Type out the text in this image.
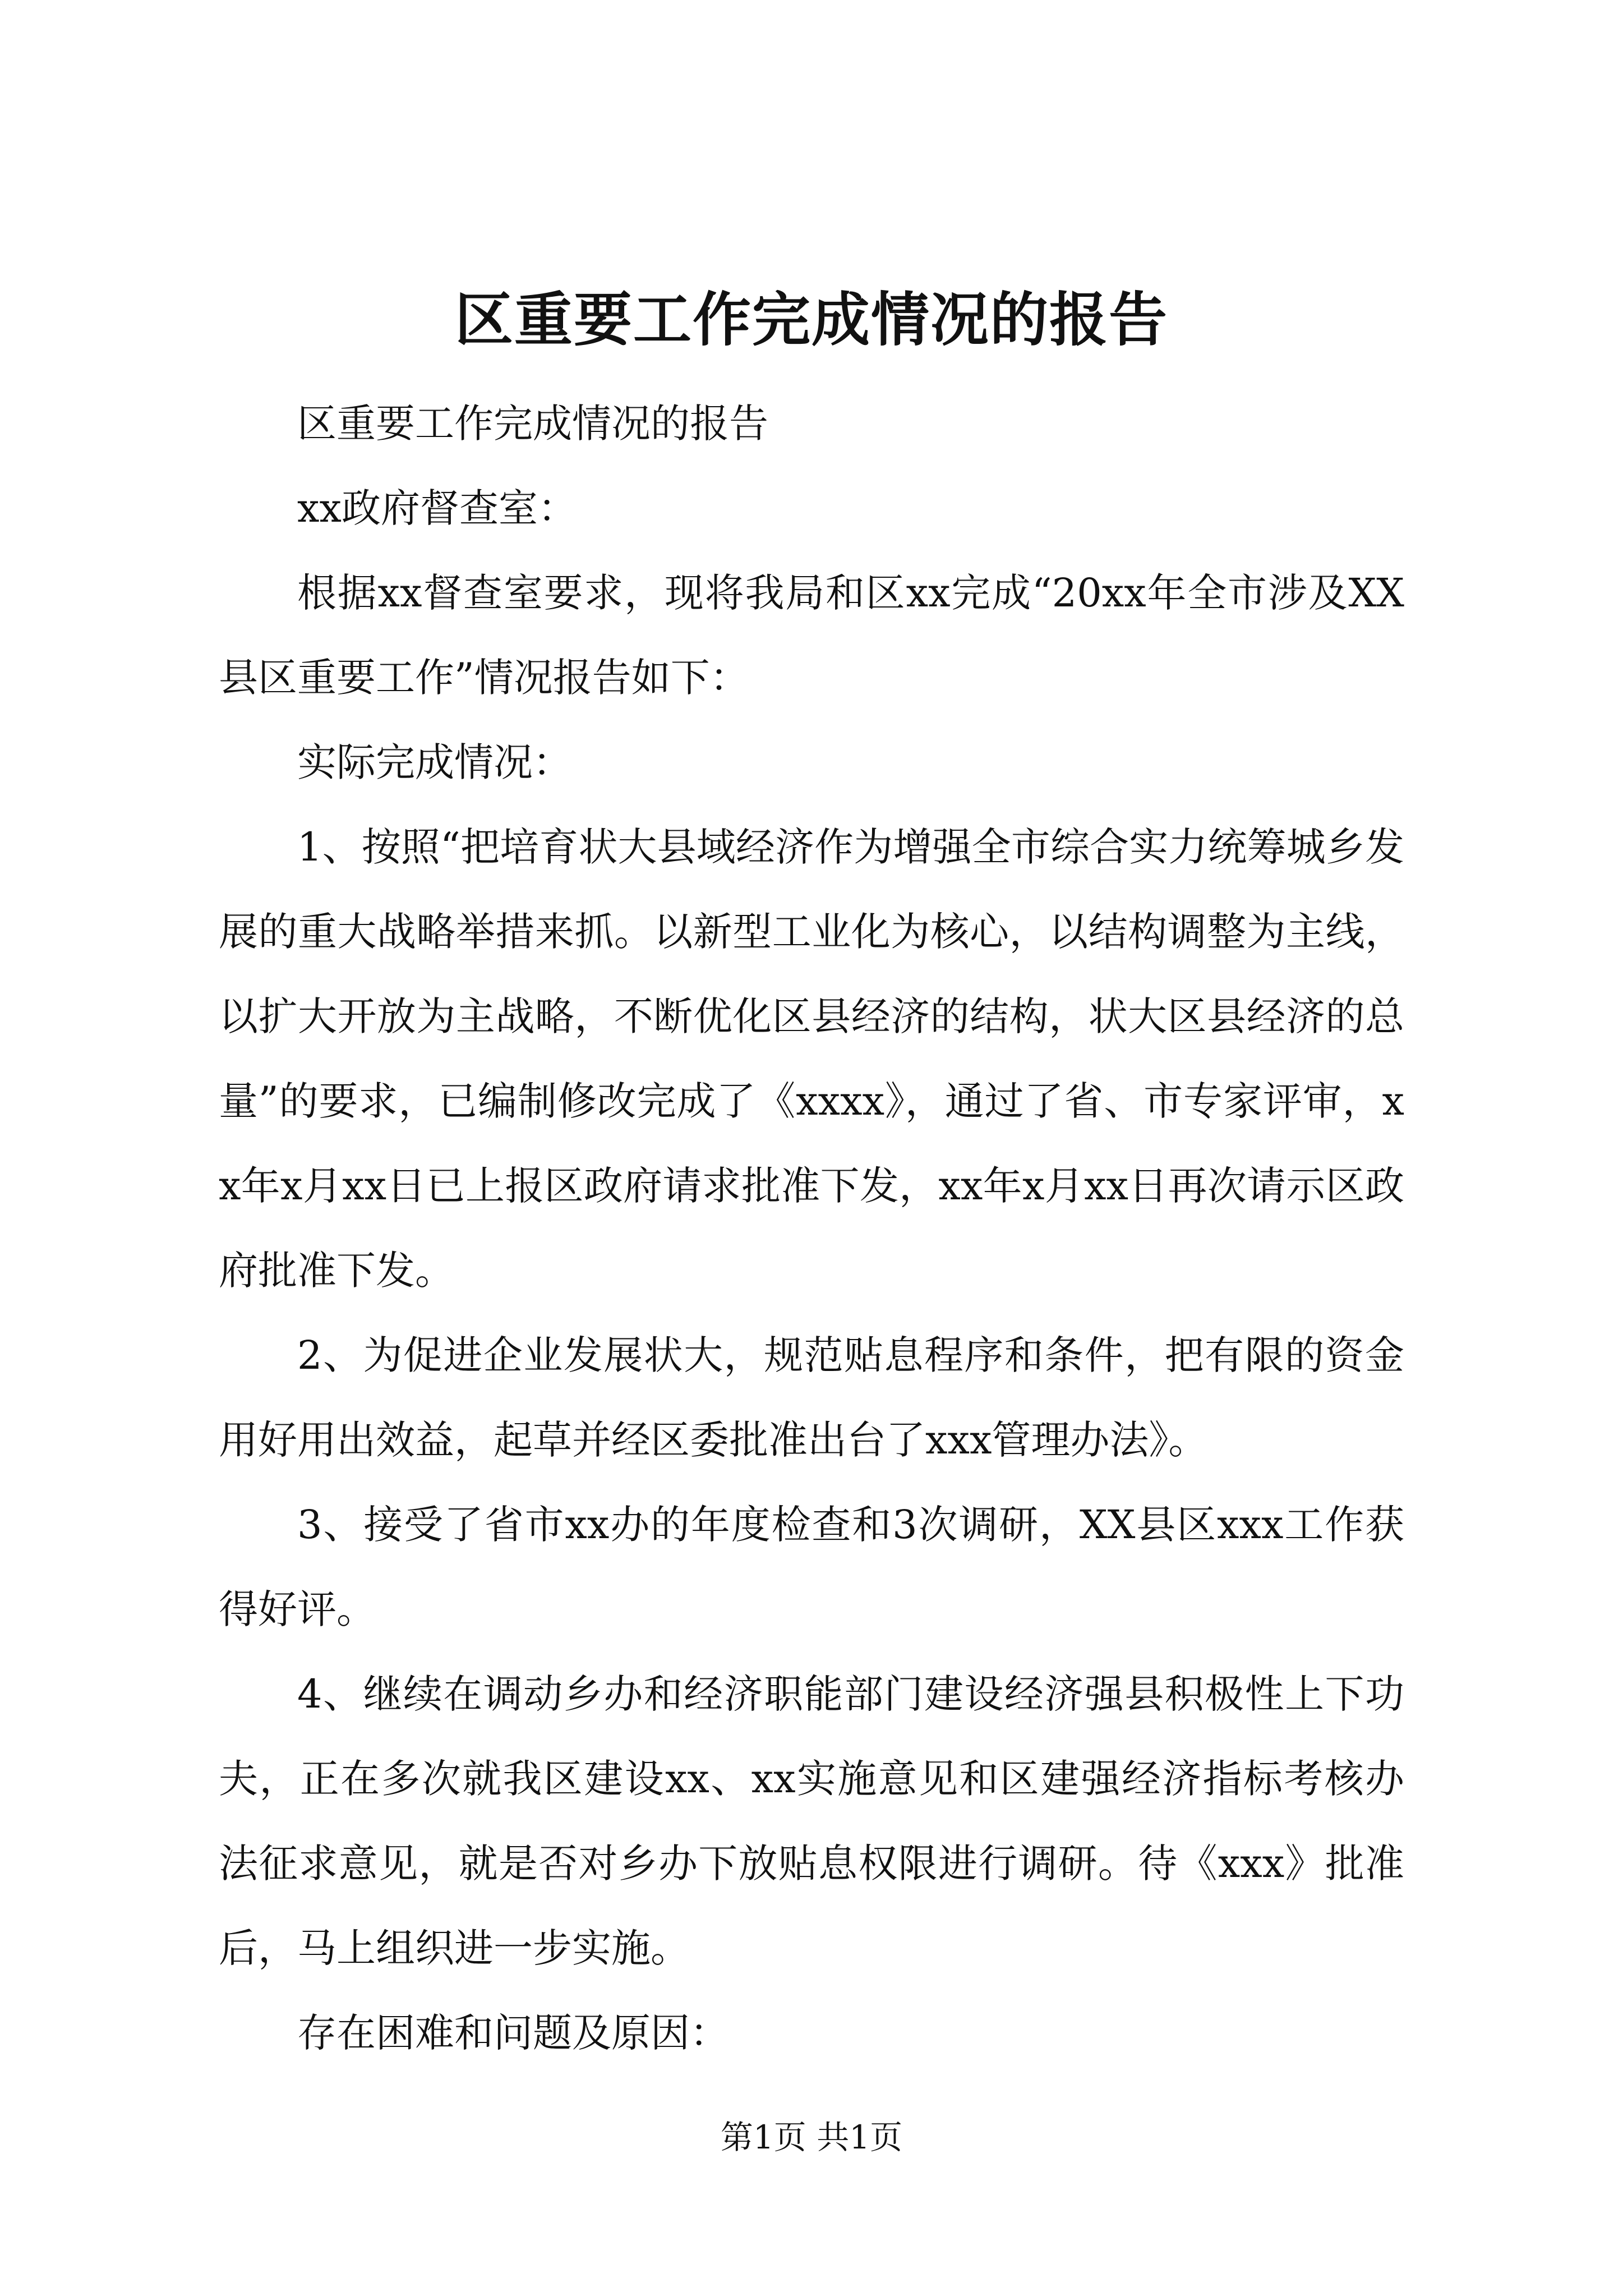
区重要工作完成情况的报告

区重要工作完成情况的报告

xx政府督查室：

根据xx督查室要求，现将我局和区xx完成“20xx年全市涉及XX县区重要工作”情况报告如下：

实际完成情况：

1、按照“把培育状大县域经济作为增强全市综合实力统筹城乡发展的重大战略举措来抓。以新型工业化为核心，以结构调整为主线，以扩大开放为主战略，不断优化区县经济的结构，状大区县经济的总量”的要求，已编制修改完成了《xxxx》，通过了省、市专家评审，xx年x月xx日已上报区政府请求批准下发，xx年x月xx日再次请示区政府批准下发。

2、为促进企业发展状大，规范贴息程序和条件，把有限的资金用好用出效益，起草并经区委批准出台了xxx管理办法》。

3、接受了省市xx办的年度检查和3次调研，XX县区xxx工作获得好评。

4、继续在调动乡办和经济职能部门建设经济强县积极性上下功夫，正在多次就我区建设xx、xx实施意见和区建强经济指标考核办法征求意见，就是否对乡办下放贴息权限进行调研。待《xxx》批准后，马上组织进一步实施。

存在困难和问题及原因：

第1页 共1页
